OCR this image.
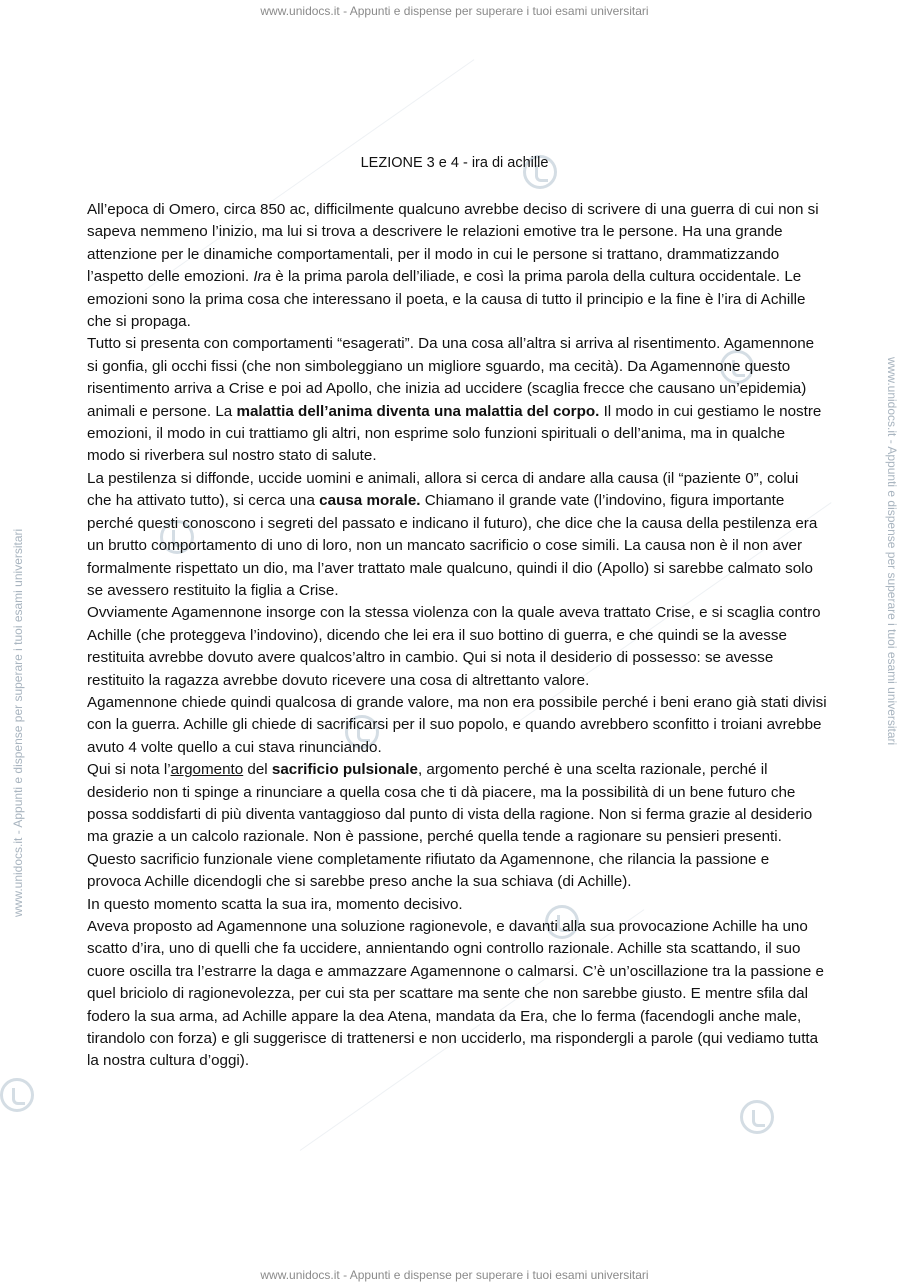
www.unidocs.it - Appunti e dispense per superare i tuoi esami universitari
www.unidocs.it - Appunti e dispense per superare i tuoi esami universitari
www.unidocs.it - Appunti e dispense per superare i tuoi esami universitari	www.unidocs.it - Appunti e dispense per superare i tuoi esami universitari
LEZIONE 3 e 4 - ira di achille

All’epoca di Omero, circa 850 ac, difficilmente qualcuno avrebbe deciso di scrivere di una guerra di cui non si sapeva nemmeno l’inizio, ma lui si trova a descrivere le relazioni emotive tra le persone. Ha una grande attenzione per le dinamiche comportamentali, per il modo in cui le persone si trattano, drammatizzando l’aspetto delle emozioni. Ira è la prima parola dell’iliade, e così la prima parola della cultura occidentale. Le emozioni sono la prima cosa che interessano il poeta, e la causa di tutto il principio e la fine è l’ira di Achille che si propaga.

Tutto si presenta con comportamenti “esagerati”. Da una cosa all’altra si arriva al risentimento. Agamennone si gonfia, gli occhi fissi (che non simboleggiano un migliore sguardo, ma cecità). Da Agamennone questo risentimento arriva a Crise e poi ad Apollo, che inizia ad uccidere (scaglia frecce che causano un’epidemia) animali e persone. La malattia dell’anima diventa una malattia del corpo. Il modo in cui gestiamo le nostre emozioni, il modo in cui trattiamo gli altri, non esprime solo funzioni spirituali o dell’anima, ma in qualche modo si riverbera sul nostro stato di salute.

La pestilenza si diffonde, uccide uomini e animali, allora si cerca di andare alla causa (il “paziente 0”, colui che ha attivato tutto), si cerca una causa morale. Chiamano il grande vate (l’indovino, figura importante perché questi conoscono i segreti del passato e indicano il futuro), che dice che la causa della pestilenza era un brutto comportamento di uno di loro, non un mancato sacrificio o cose simili. La causa non è il non aver formalmente rispettato un dio, ma l’aver trattato male qualcuno, quindi il dio (Apollo) si sarebbe calmato solo se avessero restituito la figlia a Crise.

Ovviamente Agamennone insorge con la stessa violenza con la quale aveva trattato Crise, e si scaglia contro Achille (che proteggeva l’indovino), dicendo che lei era il suo bottino di guerra, e che quindi se la avesse restituita avrebbe dovuto avere qualcos’altro in cambio. Qui si nota il desiderio di possesso: se avesse restituito la ragazza avrebbe dovuto ricevere una cosa di altrettanto valore.

Agamennone chiede quindi qualcosa di grande valore, ma non era possibile perché i beni erano già stati divisi con la guerra. Achille gli chiede di sacrificarsi per il suo popolo, e quando avrebbero sconfitto i troiani avrebbe avuto 4 volte quello a cui stava rinunciando.

Qui si nota l’argomento del sacrificio pulsionale, argomento perché è una scelta razionale, perché il desiderio non ti spinge a rinunciare a quella cosa che ti dà piacere, ma la possibilità di un bene futuro che possa soddisfarti di più diventa vantaggioso dal punto di vista della ragione. Non si ferma grazie al desiderio ma grazie a un calcolo razionale. Non è passione, perché quella tende a ragionare su pensieri presenti. Questo sacrificio funzionale viene completamente rifiutato da Agamennone, che rilancia la passione e provoca Achille dicendogli che si sarebbe preso anche la sua schiava (di Achille).

In questo momento scatta la sua ira, momento decisivo.

Aveva proposto ad Agamennone una soluzione ragionevole, e davanti alla sua provocazione Achille ha uno scatto d’ira, uno di quelli che fa uccidere, annientando ogni controllo razionale. Achille sta scattando, il suo cuore oscilla tra l’estrarre la daga e ammazzare Agamennone o calmarsi. C’è un’oscillazione tra la passione e quel briciolo di ragionevolezza, per cui sta per scattare ma sente che non sarebbe giusto. E mentre sfila dal fodero la sua arma, ad Achille appare la dea Atena, mandata da Era, che lo ferma (facendogli anche male, tirandolo con forza) e gli suggerisce di trattenersi e non ucciderlo, ma rispondergli a parole (qui vediamo tutta la nostra cultura d’oggi).
